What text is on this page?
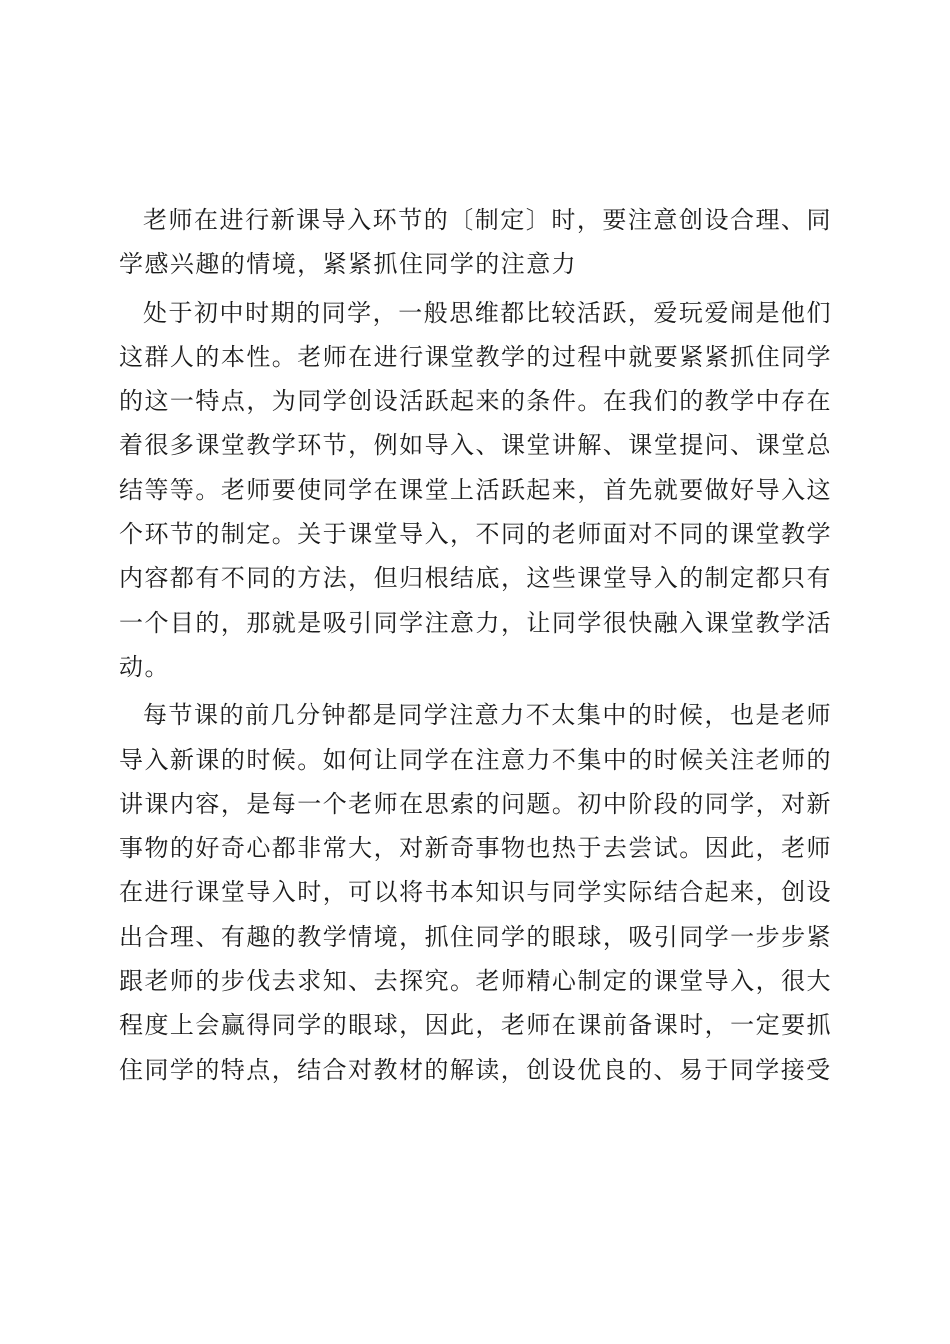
老师在进行新课导入环节的〔制定〕时，要注意创设合理、同学感兴趣的情境，紧紧抓住同学的注意力

处于初中时期的同学，一般思维都比较活跃，爱玩爱闹是他们这群人的本性。老师在进行课堂教学的过程中就要紧紧抓住同学的这一特点，为同学创设活跃起来的条件。在我们的教学中存在着很多课堂教学环节，例如导入、课堂讲解、课堂提问、课堂总结等等。老师要使同学在课堂上活跃起来，首先就要做好导入这个环节的制定。关于课堂导入，不同的老师面对不同的课堂教学内容都有不同的方法，但归根结底，这些课堂导入的制定都只有一个目的，那就是吸引同学注意力，让同学很快融入课堂教学活动。

每节课的前几分钟都是同学注意力不太集中的时候，也是老师导入新课的时候。如何让同学在注意力不集中的时候关注老师的讲课内容，是每一个老师在思索的问题。初中阶段的同学，对新事物的好奇心都非常大，对新奇事物也热于去尝试。因此，老师在进行课堂导入时，可以将书本知识与同学实际结合起来，创设出合理、有趣的教学情境，抓住同学的眼球，吸引同学一步步紧跟老师的步伐去求知、去探究。老师精心制定的课堂导入，很大程度上会赢得同学的眼球，因此，老师在课前备课时，一定要抓住同学的特点，结合对教材的解读，创设优良的、易于同学接受
